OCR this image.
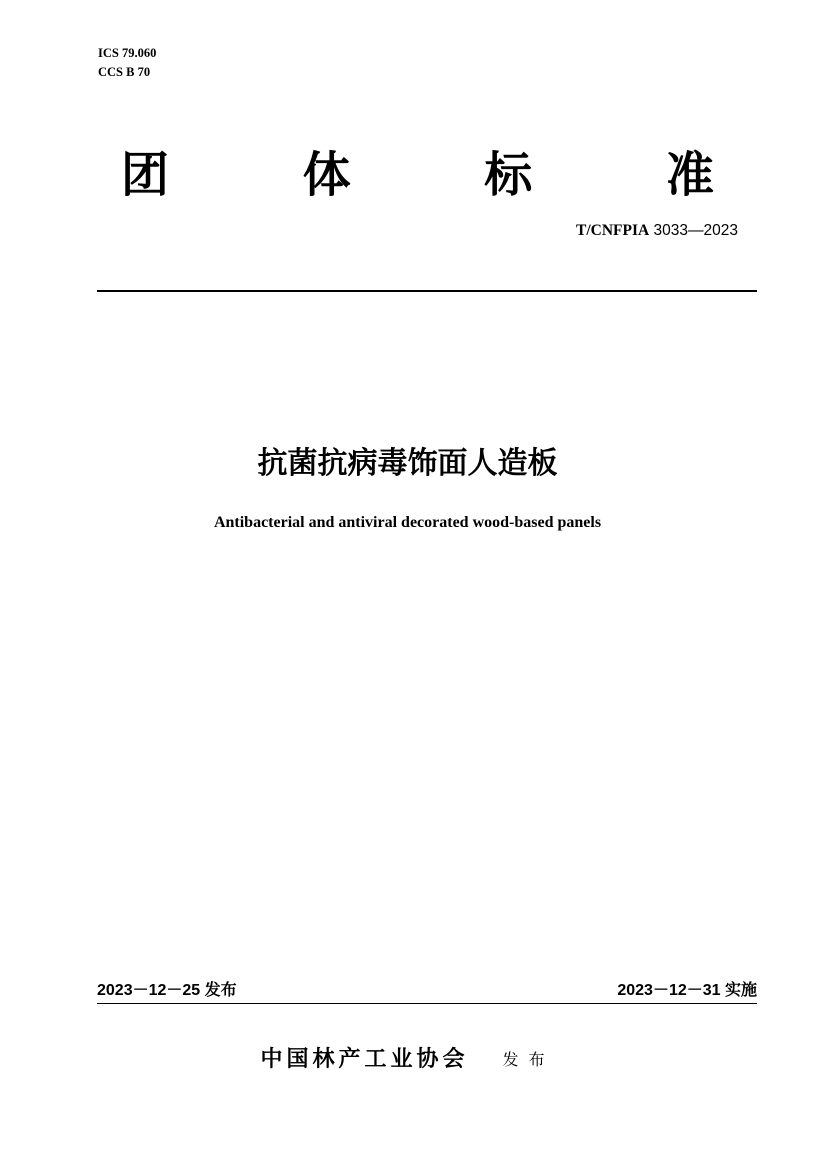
ICS 79.060
CCS B 70
团	体	标	准
T/CNFPIA 3033—2023
抗菌抗病毒饰面人造板
Antibacterial and antiviral decorated wood-based panels
2023－12－25 发布	2023－12－31 实施
中国林产工业协会 发布
